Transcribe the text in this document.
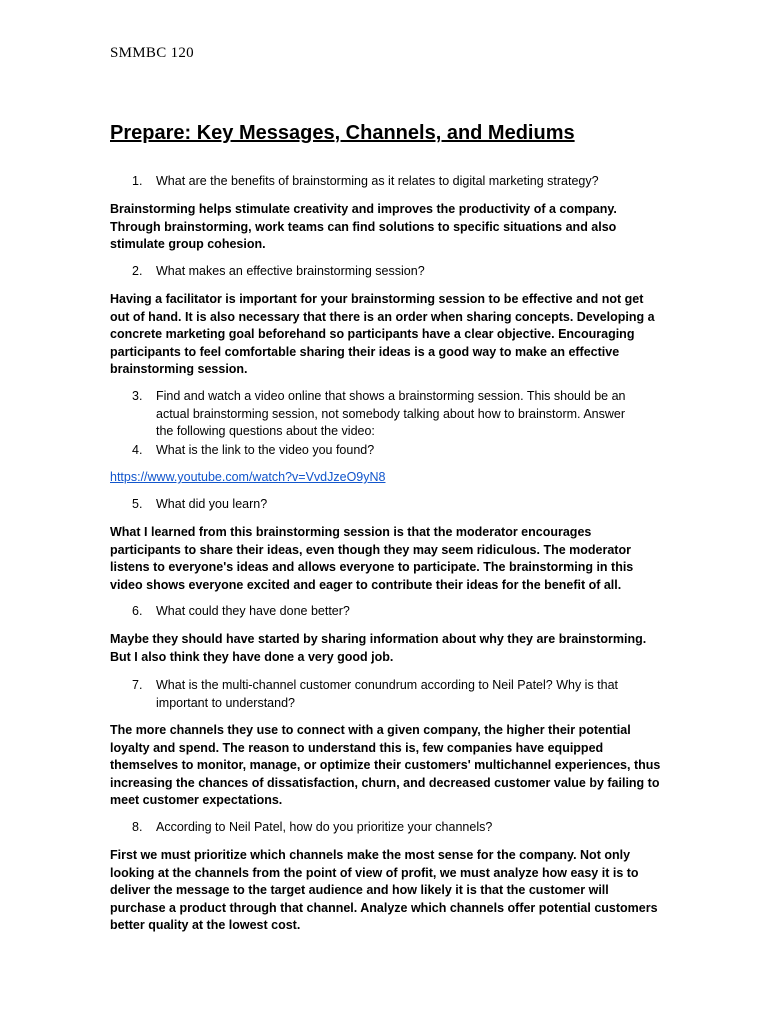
SMMBC 120
Prepare: Key Messages, Channels, and Mediums
1. What are the benefits of brainstorming as it relates to digital marketing strategy?
Brainstorming helps stimulate creativity and improves the productivity of a company. Through brainstorming, work teams can find solutions to specific situations and also stimulate group cohesion.
2. What makes an effective brainstorming session?
Having a facilitator is important for your brainstorming session to be effective and not get out of hand. It is also necessary that there is an order when sharing concepts. Developing a concrete marketing goal beforehand so participants have a clear objective. Encouraging participants to feel comfortable sharing their ideas is a good way to make an effective brainstorming session.
3. Find and watch a video online that shows a brainstorming session. This should be an actual brainstorming session, not somebody talking about how to brainstorm. Answer the following questions about the video:
4. What is the link to the video you found?
https://www.youtube.com/watch?v=VvdJzeO9yN8
5. What did you learn?
What I learned from this brainstorming session is that the moderator encourages participants to share their ideas, even though they may seem ridiculous. The moderator listens to everyone's ideas and allows everyone to participate. The brainstorming in this video shows everyone excited and eager to contribute their ideas for the benefit of all.
6. What could they have done better?
Maybe they should have started by sharing information about why they are brainstorming. But I also think they have done a very good job.
7. What is the multi-channel customer conundrum according to Neil Patel? Why is that important to understand?
The more channels they use to connect with a given company, the higher their potential loyalty and spend. The reason to understand this is, few companies have equipped themselves to monitor, manage, or optimize their customers' multichannel experiences, thus increasing the chances of dissatisfaction, churn, and decreased customer value by failing to meet customer expectations.
8. According to Neil Patel, how do you prioritize your channels?
First we must prioritize which channels make the most sense for the company. Not only looking at the channels from the point of view of profit, we must analyze how easy it is to deliver the message to the target audience and how likely it is that the customer will purchase a product through that channel. Analyze which channels offer potential customers better quality at the lowest cost.
